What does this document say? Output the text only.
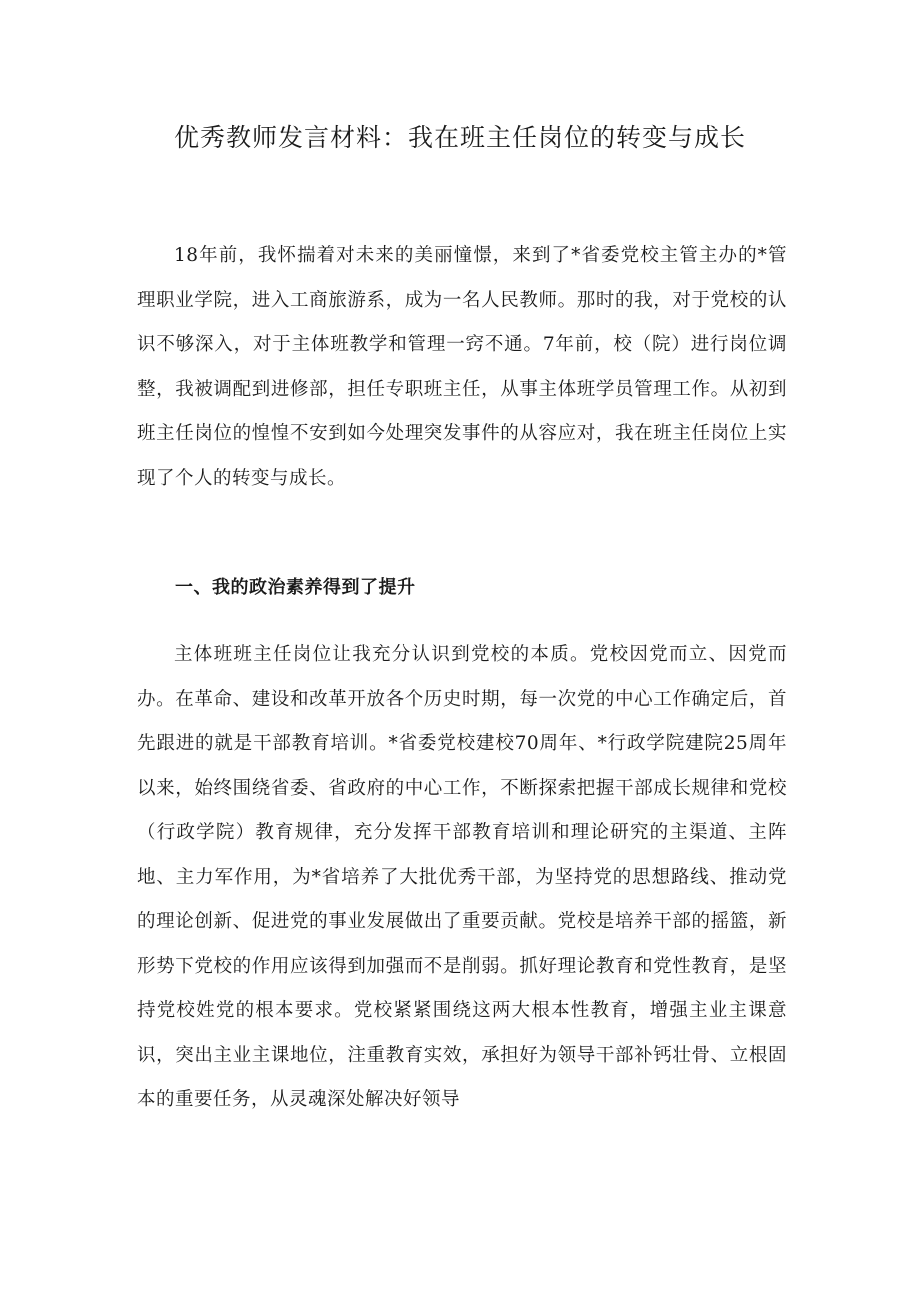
优秀教师发言材料：我在班主任岗位的转变与成长

18年前，我怀揣着对未来的美丽憧憬，来到了*省委党校主管主办的*管理职业学院，进入工商旅游系，成为一名人民教师。那时的我，对于党校的认识不够深入，对于主体班教学和管理一窍不通。7年前，校（院）进行岗位调整，我被调配到进修部，担任专职班主任，从事主体班学员管理工作。从初到班主任岗位的惶惶不安到如今处理突发事件的从容应对，我在班主任岗位上实现了个人的转变与成长。

一、我的政治素养得到了提升

主体班班主任岗位让我充分认识到党校的本质。党校因党而立、因党而办。在革命、建设和改革开放各个历史时期，每一次党的中心工作确定后，首先跟进的就是干部教育培训。*省委党校建校70周年、*行政学院建院25周年以来，始终围绕省委、省政府的中心工作，不断探索把握干部成长规律和党校（行政学院）教育规律，充分发挥干部教育培训和理论研究的主渠道、主阵地、主力军作用，为*省培养了大批优秀干部，为坚持党的思想路线、推动党的理论创新、促进党的事业发展做出了重要贡献。党校是培养干部的摇篮，新形势下党校的作用应该得到加强而不是削弱。抓好理论教育和党性教育，是坚持党校姓党的根本要求。党校紧紧围绕这两大根本性教育，增强主业主课意识，突出主业主课地位，注重教育实效，承担好为领导干部补钙壮骨、立根固本的重要任务，从灵魂深处解决好领导
